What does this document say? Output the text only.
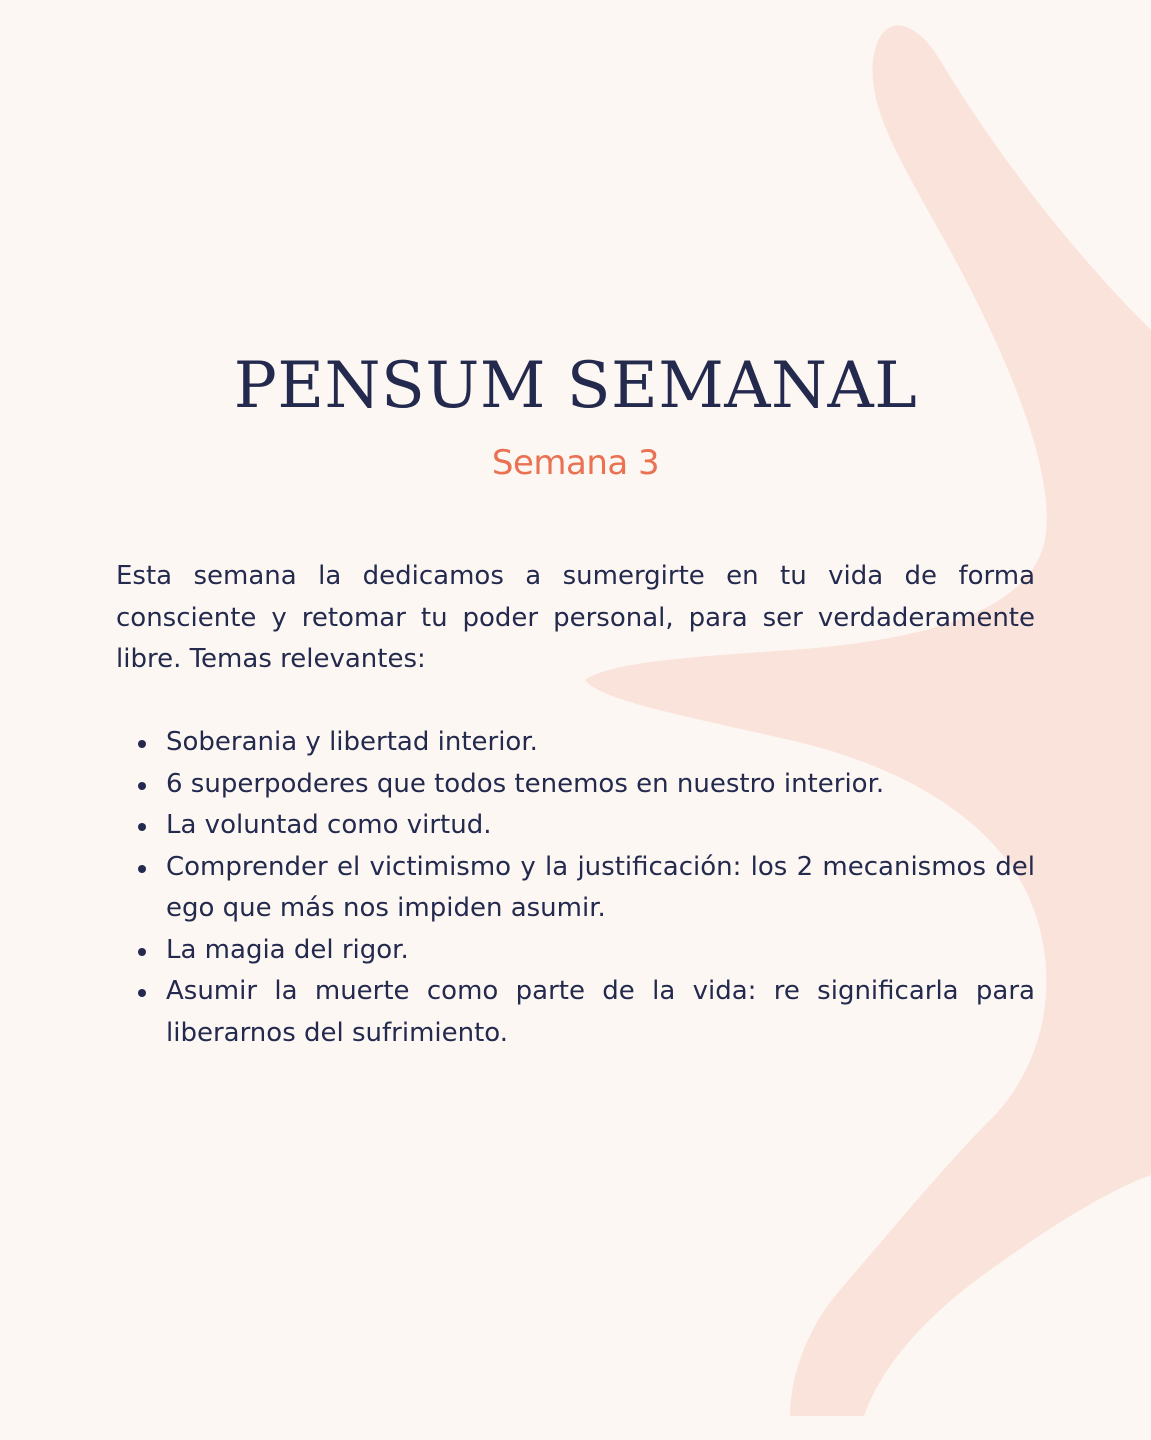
PENSUM SEMANAL
Semana 3

Esta semana la dedicamos a sumergirte en tu vida de forma consciente y retomar tu poder personal, para ser verdaderamente libre. Temas relevantes:

Soberania y libertad interior.
6 superpoderes que todos tenemos en nuestro interior.
La voluntad como virtud.
Comprender el victimismo y la justificación: los 2 mecanismos del ego que más nos impiden asumir.
La magia del rigor.
Asumir la muerte como parte de la vida: re significarla para liberarnos del sufrimiento.
